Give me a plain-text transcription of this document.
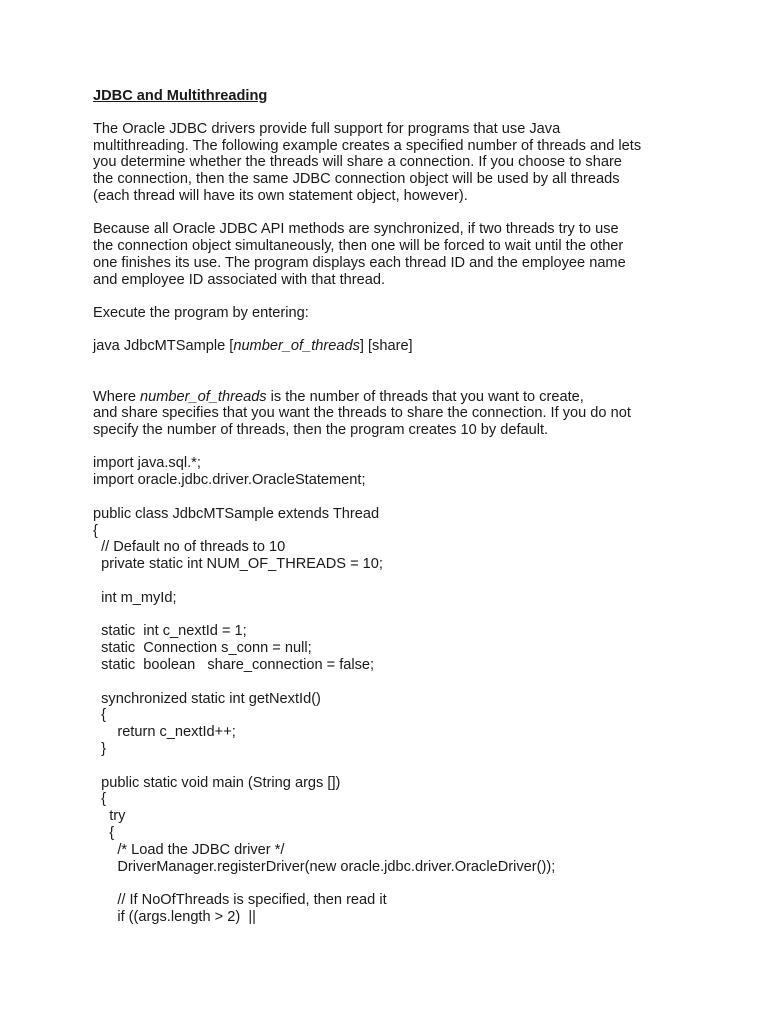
JDBC and Multithreading
The Oracle JDBC drivers provide full support for programs that use Java
multithreading. The following example creates a specified number of threads and lets
you determine whether the threads will share a connection. If you choose to share
the connection, then the same JDBC connection object will be used by all threads
(each thread will have its own statement object, however).
Because all Oracle JDBC API methods are synchronized, if two threads try to use
the connection object simultaneously, then one will be forced to wait until the other
one finishes its use. The program displays each thread ID and the employee name
and employee ID associated with that thread.
Execute the program by entering:
java JdbcMTSample [number_of_threads] [share]
Where number_of_threads is the number of threads that you want to create,
and share specifies that you want the threads to share the connection. If you do not
specify the number of threads, then the program creates 10 by default.
import java.sql.*;
import oracle.jdbc.driver.OracleStatement;
public class JdbcMTSample extends Thread
{
// Default no of threads to 10
private static int NUM_OF_THREADS = 10;
int m_myId;
static  int c_nextId = 1;
static  Connection s_conn = null;
static  boolean   share_connection = false;
synchronized static int getNextId()
{
return c_nextId++;
}
public static void main (String args [])
{
try
{
/* Load the JDBC driver */
DriverManager.registerDriver(new oracle.jdbc.driver.OracleDriver());
// If NoOfThreads is specified, then read it
if ((args.length > 2)  ||
